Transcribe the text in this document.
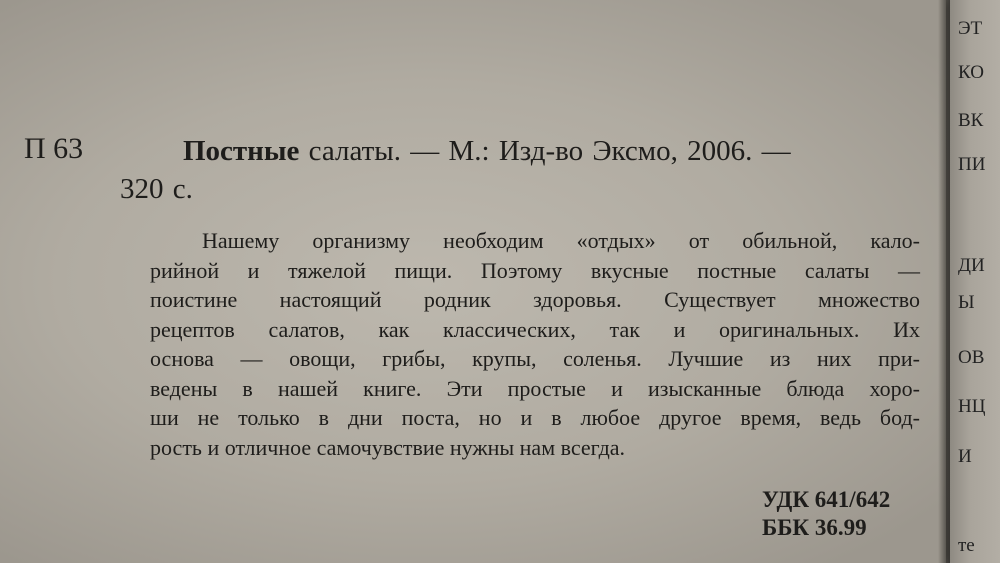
П 63	Постные салаты. — М.: Изд-во Эксмо, 2006. —
320 с.
Нашему организму необходим «отдых» от обильной, кало-
рийной и тяжелой пищи. Поэтому вкусные постные салаты —
поистине настоящий родник здоровья. Существует множество
рецептов салатов, как классических, так и оригинальных. Их
основа — овощи, грибы, крупы, соленья. Лучшие из них при-
ведены в нашей книге. Эти простые и изысканные блюда хоро-
ши не только в дни поста, но и в любое другое время, ведь бод-
рость и отличное самочувствие нужны нам всегда.
УДК 641/642
ББК 36.99
ЭТ
КО
ВК
ПИ
ДИ
Ы
ОВ
НЦ
И
те
